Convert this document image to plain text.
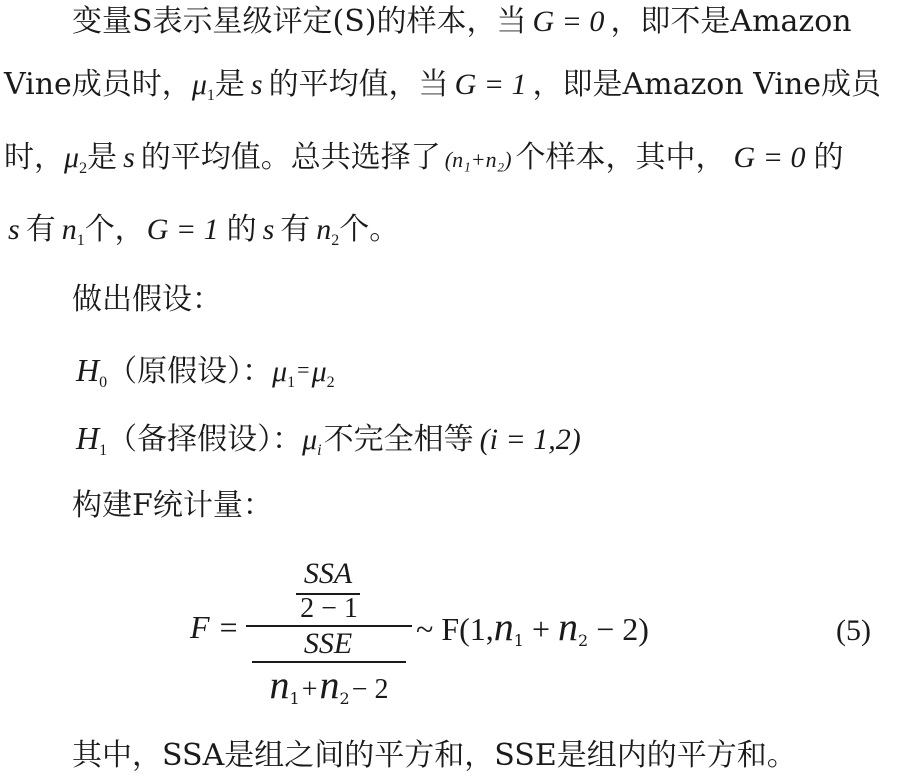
变量S表示星级评定(S)的样本，当 G = 0 ，即不是Amazon
Vine成员时，$\mu_1$是 s 的平均值，当 G = 1 ，即是Amazon Vine成员
时，$\mu_2$是 s 的平均值。总共选择了 (n₁+n₂) 个样本，其中， G = 0 的
s 有 $n_1$个，G = 1 的 s 有 $n_2$个。
做出假设：
$H_0$（原假设）：$\mu_1=\mu_2$
$H_1$（备择假设）：$\mu_i$不完全相等 (i = 1,2)
构建F统计量：
F =
SSA
2 − 1
SSE
$n_1+n_2- 2$
~ $F(1,n_1 + n_2 - 2)$	(5)
其中，SSA是组之间的平方和，SSE是组内的平方和。
